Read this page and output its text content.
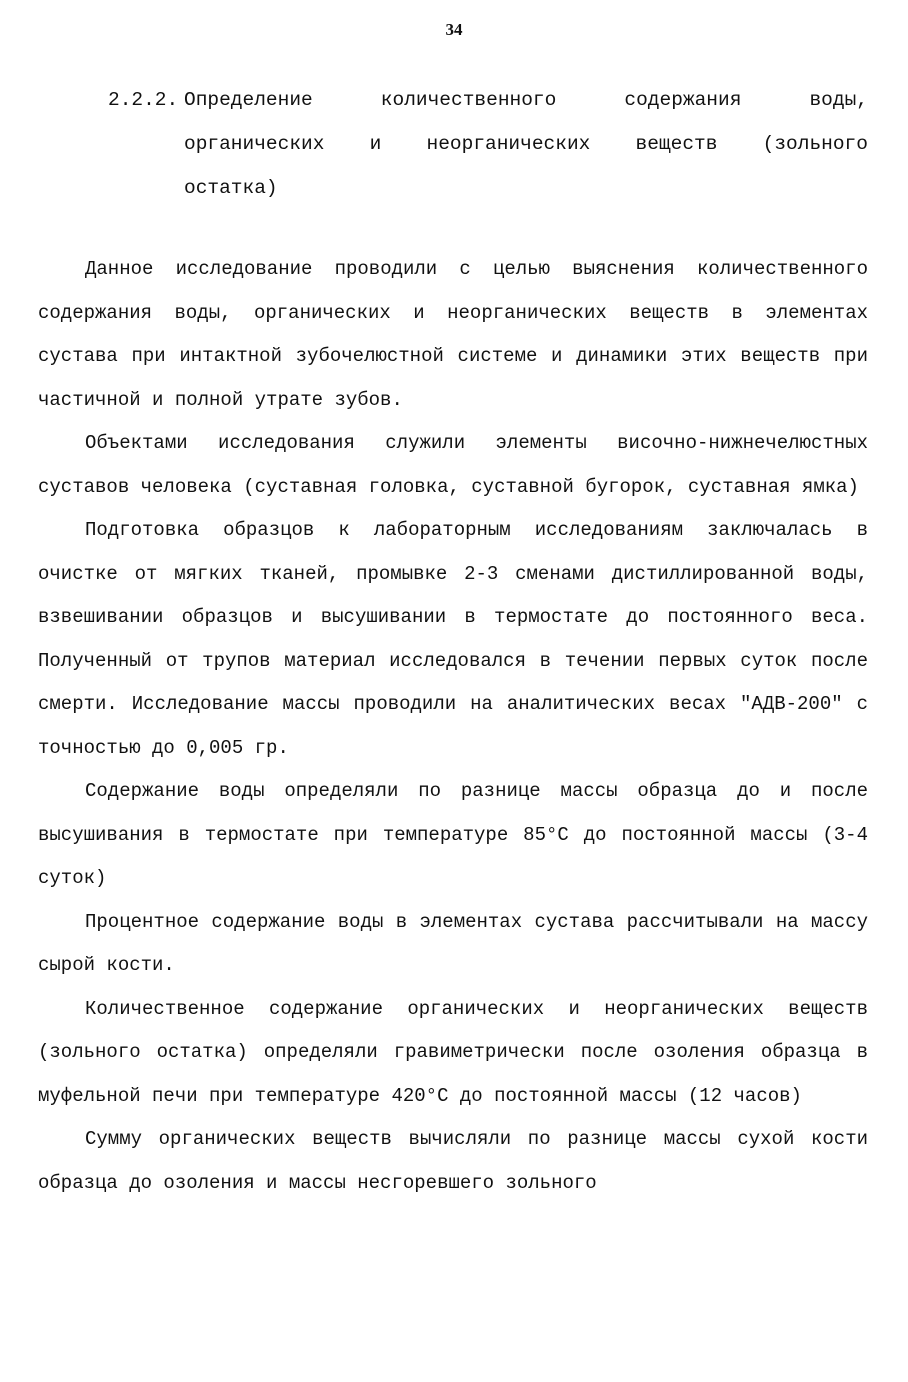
34
2.2.2. Определение	количественного	содержания	воды,
органических и неорганических веществ (зольного
остатка)

Данное исследование проводили с целью выяснения количественного содержания воды, органических и неорганических веществ в элементах сустава при интактной зубочелюстной системе и динамики этих веществ при частичной и полной утрате зубов.

Объектами исследования служили элементы височно-нижнечелюстных суставов человека (суставная головка, суставной бугорок, суставная ямка)

Подготовка образцов к лабораторным исследованиям заключалась в очистке от мягких тканей, промывке 2-3 сменами дистиллированной воды, взвешивании образцов и высушивании в термостате до постоянного веса. Полученный от трупов материал исследовался в течении первых суток после смерти. Исследование массы проводили на аналитических весах "АДВ-200" с точностью до 0,005 гр.

Содержание воды определяли по разнице массы образца до и после высушивания в термостате при температуре 85°С до постоянной массы (3-4 суток)

Процентное содержание воды в элементах сустава рассчитывали на массу сырой кости.

Количественное содержание органических и неорганических веществ (зольного остатка) определяли гравиметрически после озоления образца в муфельной печи при температуре 420°С до постоянной массы (12 часов)

Сумму органических веществ вычисляли по разнице массы сухой кости образца до озоления и массы несгоревшего зольного
